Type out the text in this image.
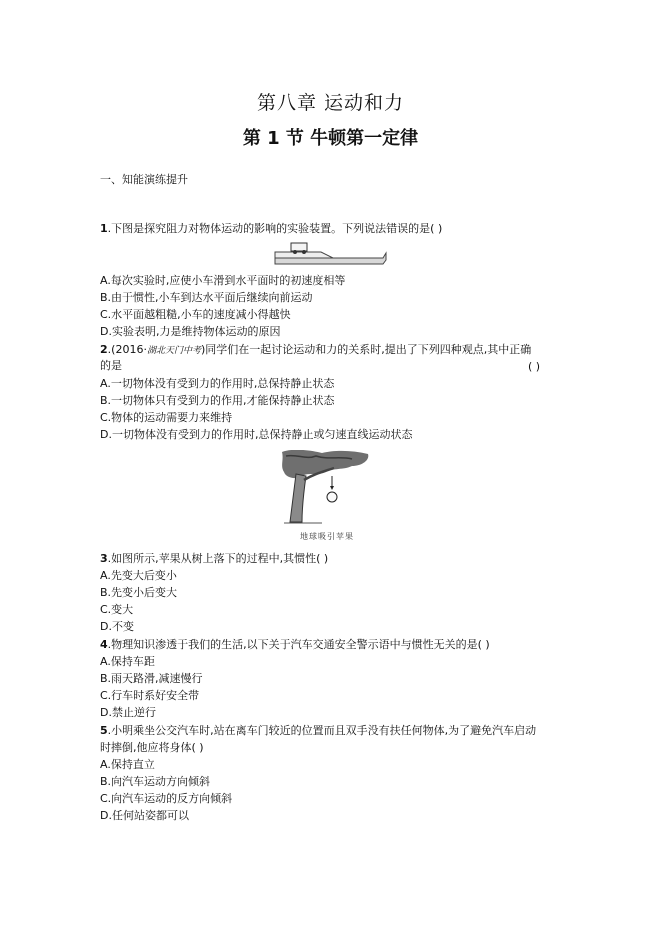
第八章 运动和力
第 1 节 牛顿第一定律
一、知能演练提升
1.下图是探究阻力对物体运动的影响的实验装置。下列说法错误的是( )
A.每次实验时,应使小车滑到水平面时的初速度相等
B.由于惯性,小车到达水平面后继续向前运动
C.水平面越粗糙,小车的速度减小得越快
D.实验表明,力是维持物体运动的原因
2.(2016·湖北天门中考)同学们在一起讨论运动和力的关系时,提出了下列四种观点,其中正确
的是	( )
A.一切物体没有受到力的作用时,总保持静止状态
B.一切物体只有受到力的作用,才能保持静止状态
C.物体的运动需要力来维持
D.一切物体没有受到力的作用时,总保持静止或匀速直线运动状态
地球吸引苹果
3.如图所示,苹果从树上落下的过程中,其惯性( )
A.先变大后变小
B.先变小后变大
C.变大
D.不变
4.物理知识渗透于我们的生活,以下关于汽车交通安全警示语中与惯性无关的是( )
A.保持车距
B.雨天路滑,减速慢行
C.行车时系好安全带
D.禁止逆行
5.小明乘坐公交汽车时,站在离车门较近的位置而且双手没有扶任何物体,为了避免汽车启动
时摔倒,他应将身体( )
A.保持直立
B.向汽车运动方向倾斜
C.向汽车运动的反方向倾斜
D.任何站姿都可以
